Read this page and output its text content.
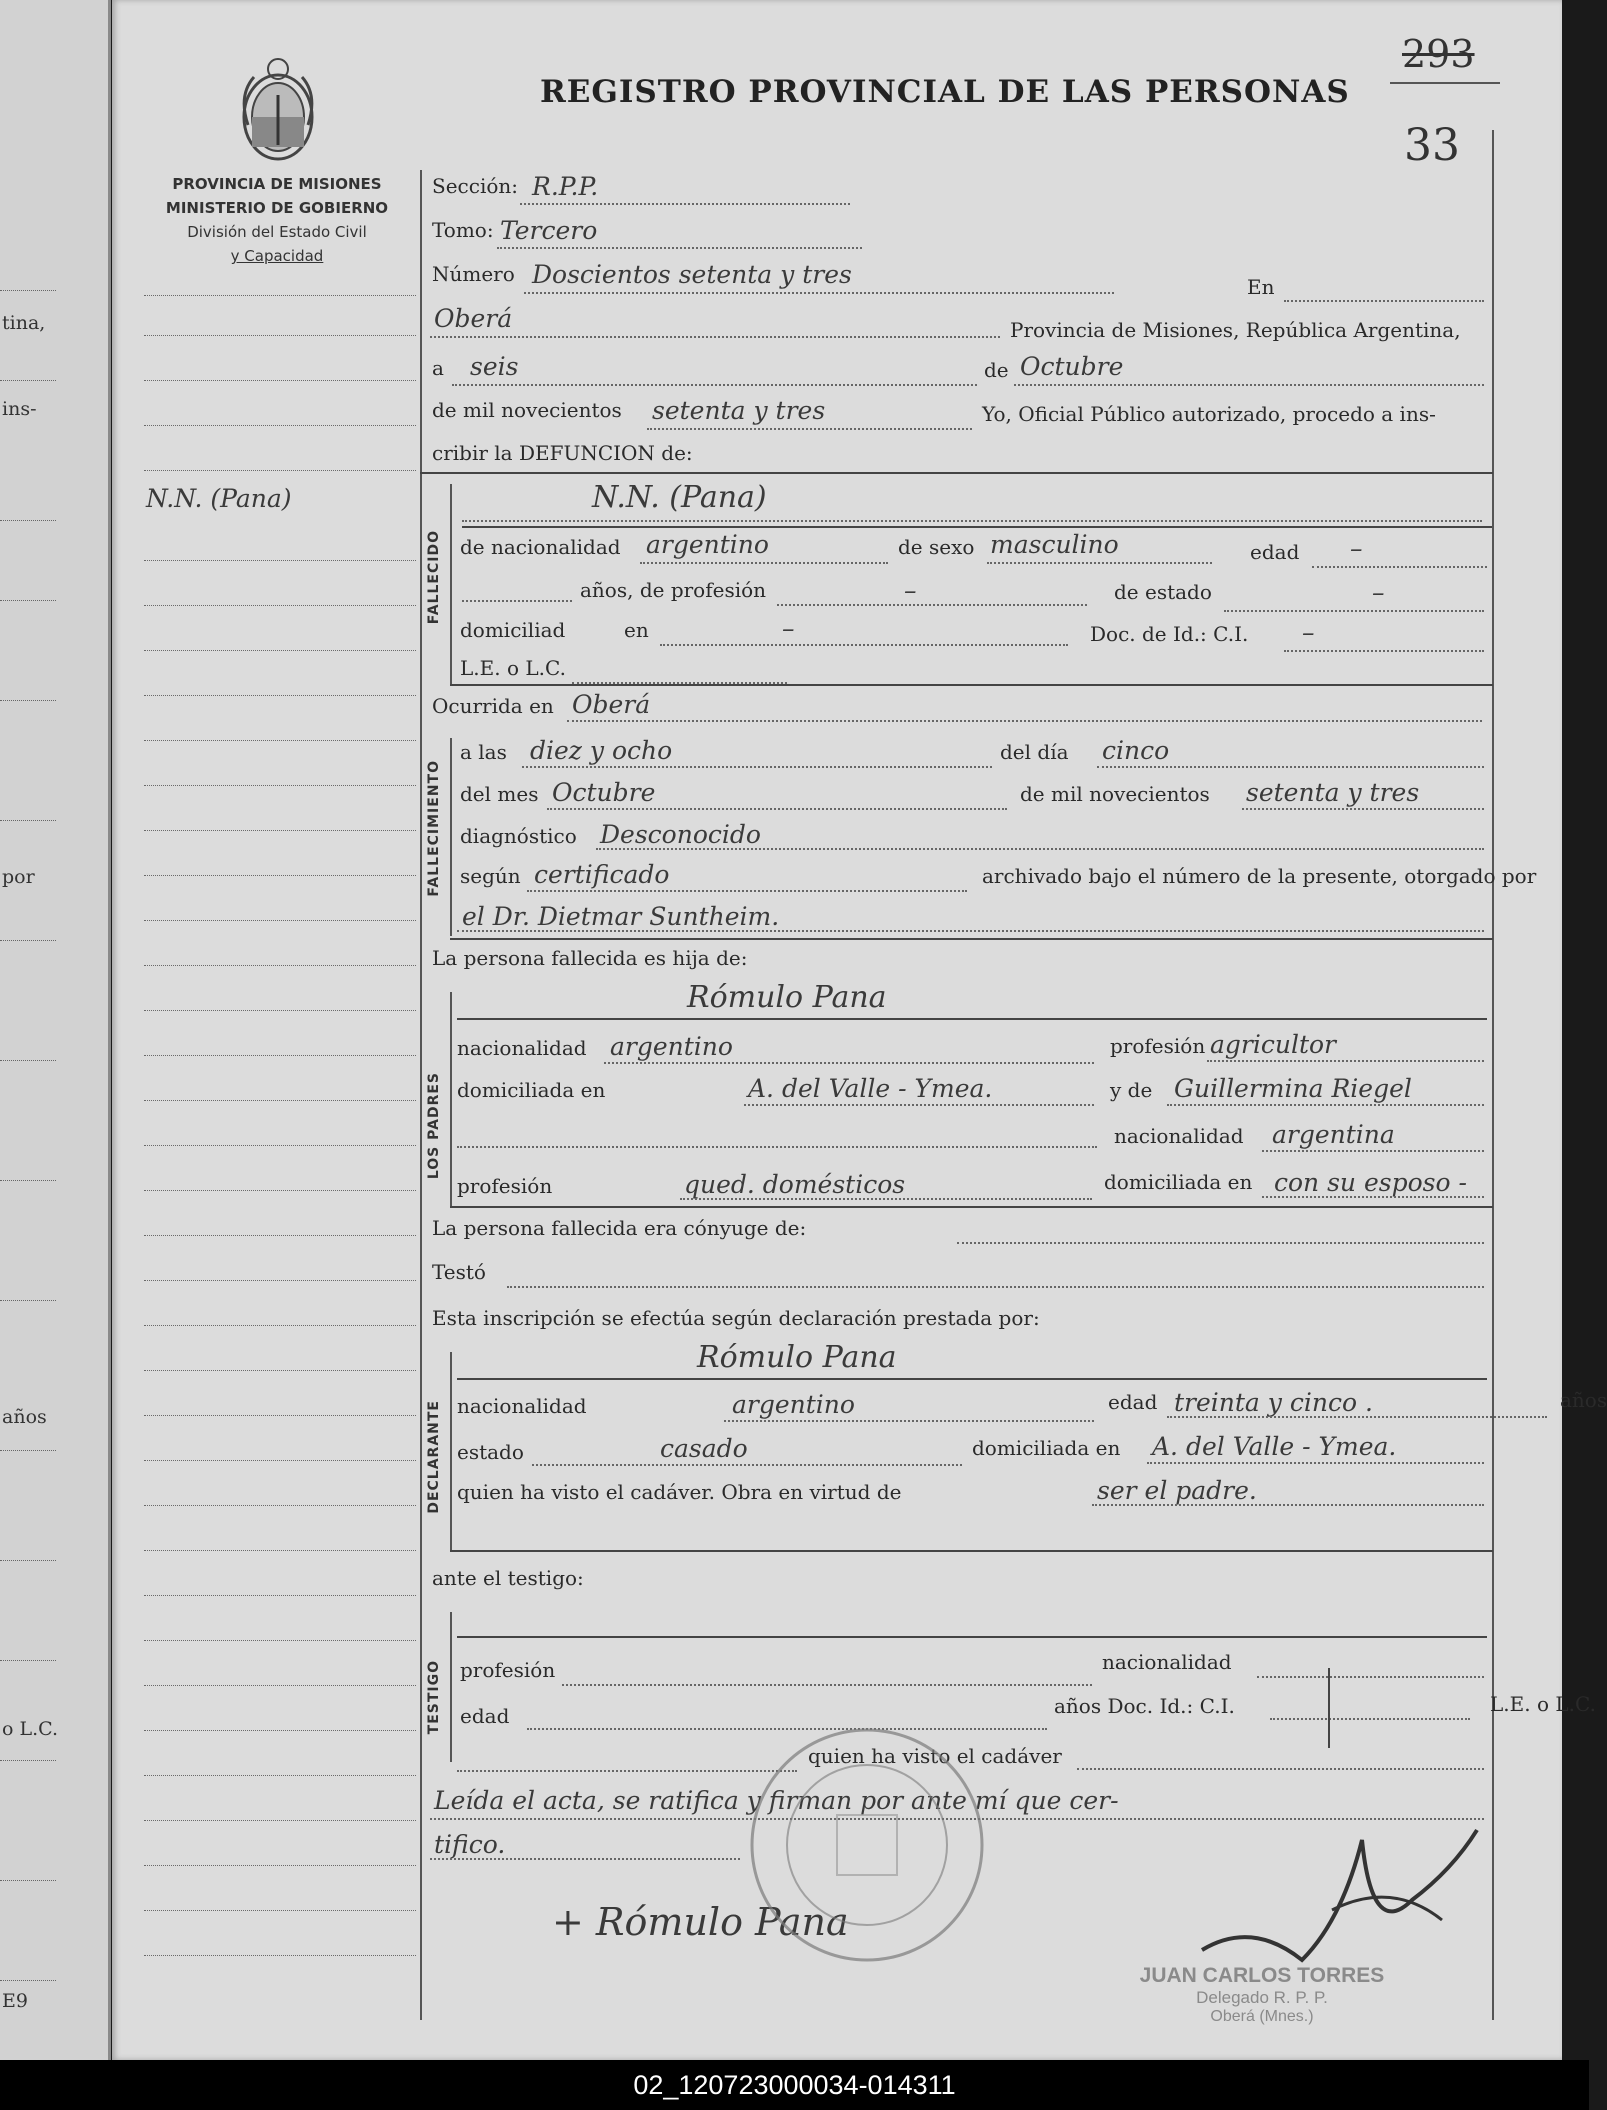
tina,
ins-
por
años
o L.C.
E9
PROVINCIA DE MISIONES
MINISTERIO DE GOBIERNO
División del Estado Civil
y Capacidad
REGISTRO PROVINCIAL DE LAS PERSONAS
293
33
N.N. (Pana)
Sección: R.P.P.
Tomo: Tercero
Número Doscientos setenta y tres	En
Oberá	Provincia de Misiones, República Argentina,
a seis	de Octubre
de mil novecientos setenta y tres	Yo, Oficial Público autorizado, procedo a ins-
cribir la DEFUNCION de:
FALLECIDO
N.N. (Pana)
de nacionalidad argentino	de sexo masculino	edad –
años, de profesión	–	de estado	–
domiciliad	en	–	Doc. de Id.: C.I. –
L.E. o L.C.
Ocurrida en Oberá
FALLECIMIENTO
a las diez y ocho	del día cinco
del mes Octubre	de mil novecientos setenta y tres
diagnóstico Desconocido
según certificado	archivado bajo el número de la presente, otorgado por
el Dr. Dietmar Suntheim.
La persona fallecida es hija de:
LOS PADRES
Rómulo Pana
nacionalidad argentino	profesión agricultor
domiciliada en	A. del Valle - Ymea.	y de Guillermina Riegel
nacionalidad argentina
profesión	qued. domésticos	domiciliada en con su esposo -
La persona fallecida era cónyuge de:
Testó
Esta inscripción se efectúa según declaración prestada por:
DECLARANTE
Rómulo Pana
nacionalidad	argentino	edad treinta y cinco .	años
estado	casado	domiciliada en A. del Valle - Ymea.
quien ha visto el cadáver. Obra en virtud de	ser el padre.
ante el testigo:
TESTIGO profesión	nacionalidad
edad	años Doc. Id.: C.I.	L.E. o L.C.
quien ha visto el cadáver
Leída el acta, se ratifica y firman por ante mí que cer-
tifico.
+ Rómulo Pana
JUAN CARLOS TORRES
Delegado R. P. P.
Oberá (Mnes.)
02_120723000034-014311
